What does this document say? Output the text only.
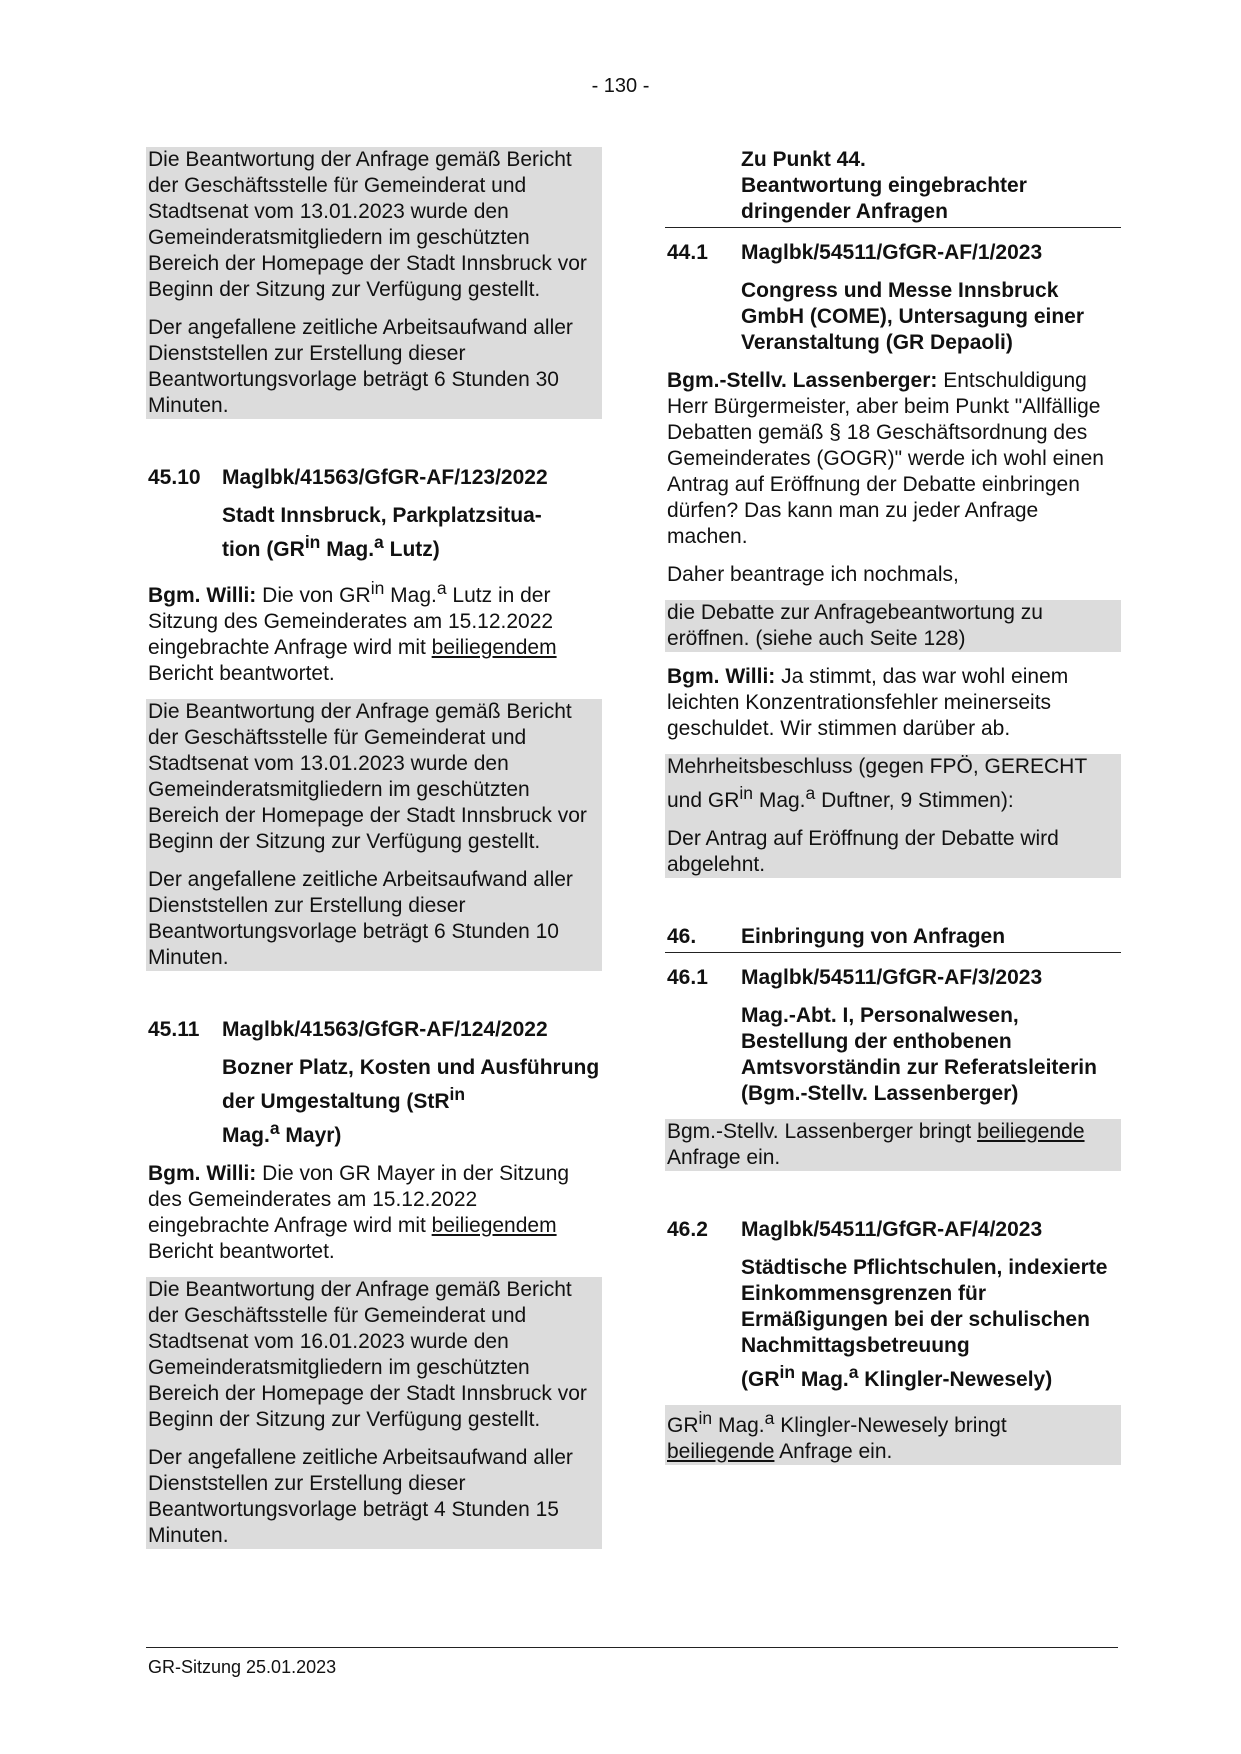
- 130 -
Die Beantwortung der Anfrage gemäß Bericht der Geschäftsstelle für Gemeinderat und Stadtsenat vom 13.01.2023 wurde den Gemeinderatsmitgliedern im geschützten Bereich der Homepage der Stadt Innsbruck vor Beginn der Sitzung zur Verfügung gestellt.
Der angefallene zeitliche Arbeitsaufwand aller Dienststellen zur Erstellung dieser Beantwortungsvorlage beträgt 6 Stunden 30 Minuten.
45.10	Maglbk/41563/GfGR-AF/123/2022
Stadt Innsbruck, Parkplatzsitua-
tion ($GR^{in}$ Mag.$^a$ Lutz)
Bgm. Willi: Die von $GR^{in}$ Mag.$^a$ Lutz in der Sitzung des Gemeinderates am 15.12.2022 eingebrachte Anfrage wird mit beiliegendem Bericht beantwortet.
Die Beantwortung der Anfrage gemäß Bericht der Geschäftsstelle für Gemeinderat und Stadtsenat vom 13.01.2023 wurde den Gemeinderatsmitgliedern im geschützten Bereich der Homepage der Stadt Innsbruck vor Beginn der Sitzung zur Verfügung gestellt.
Der angefallene zeitliche Arbeitsaufwand aller Dienststellen zur Erstellung dieser Beantwortungsvorlage beträgt 6 Stunden 10 Minuten.
45.11	Maglbk/41563/GfGR-AF/124/2022
Bozner Platz, Kosten und Ausführung der Umgestaltung (StR$^{in}$
Mag.$^a$ Mayr)
Bgm. Willi: Die von GR Mayer in der Sitzung des Gemeinderates am 15.12.2022 eingebrachte Anfrage wird mit beiliegendem Bericht beantwortet.
Die Beantwortung der Anfrage gemäß Bericht der Geschäftsstelle für Gemeinderat und Stadtsenat vom 16.01.2023 wurde den Gemeinderatsmitgliedern im geschützten Bereich der Homepage der Stadt Innsbruck vor Beginn der Sitzung zur Verfügung gestellt.
Der angefallene zeitliche Arbeitsaufwand aller Dienststellen zur Erstellung dieser Beantwortungsvorlage beträgt 4 Stunden 15 Minuten.
Zu Punkt 44.
Beantwortung eingebrachter dringender Anfragen
44.1	Maglbk/54511/GfGR-AF/1/2023
Congress und Messe Innsbruck GmbH (COME), Untersagung einer Veranstaltung (GR Depaoli)
Bgm.-Stellv. Lassenberger: Entschuldigung Herr Bürgermeister, aber beim Punkt "Allfällige Debatten gemäß § 18 Geschäftsordnung des Gemeinderates (GOGR)" werde ich wohl einen Antrag auf Eröffnung der Debatte einbringen dürfen? Das kann man zu jeder Anfrage machen.
Daher beantrage ich nochmals,
die Debatte zur Anfragebeantwortung zu eröffnen. (siehe auch Seite 128)
Bgm. Willi: Ja stimmt, das war wohl einem leichten Konzentrationsfehler meinerseits geschuldet. Wir stimmen darüber ab.
Mehrheitsbeschluss (gegen FPÖ, GERECHT und $GR^{in}$ Mag.$^a$ Duftner, 9 Stimmen):
Der Antrag auf Eröffnung der Debatte wird abgelehnt.
46.	Einbringung von Anfragen
46.1	Maglbk/54511/GfGR-AF/3/2023
Mag.-Abt. I, Personalwesen, Bestellung der enthobenen Amtsvorständin zur Referatsleiterin (Bgm.-Stellv. Lassenberger)
Bgm.-Stellv. Lassenberger bringt beiliegende Anfrage ein.
46.2	Maglbk/54511/GfGR-AF/4/2023
Städtische Pflichtschulen, indexierte Einkommensgrenzen für Ermäßigungen bei der schulischen Nachmittagsbetreuung
($GR^{in}$ Mag.$^a$ Klingler-Newesely)
$GR^{in}$ Mag.$^a$ Klingler-Newesely bringt beiliegende Anfrage ein.
GR-Sitzung 25.01.2023
